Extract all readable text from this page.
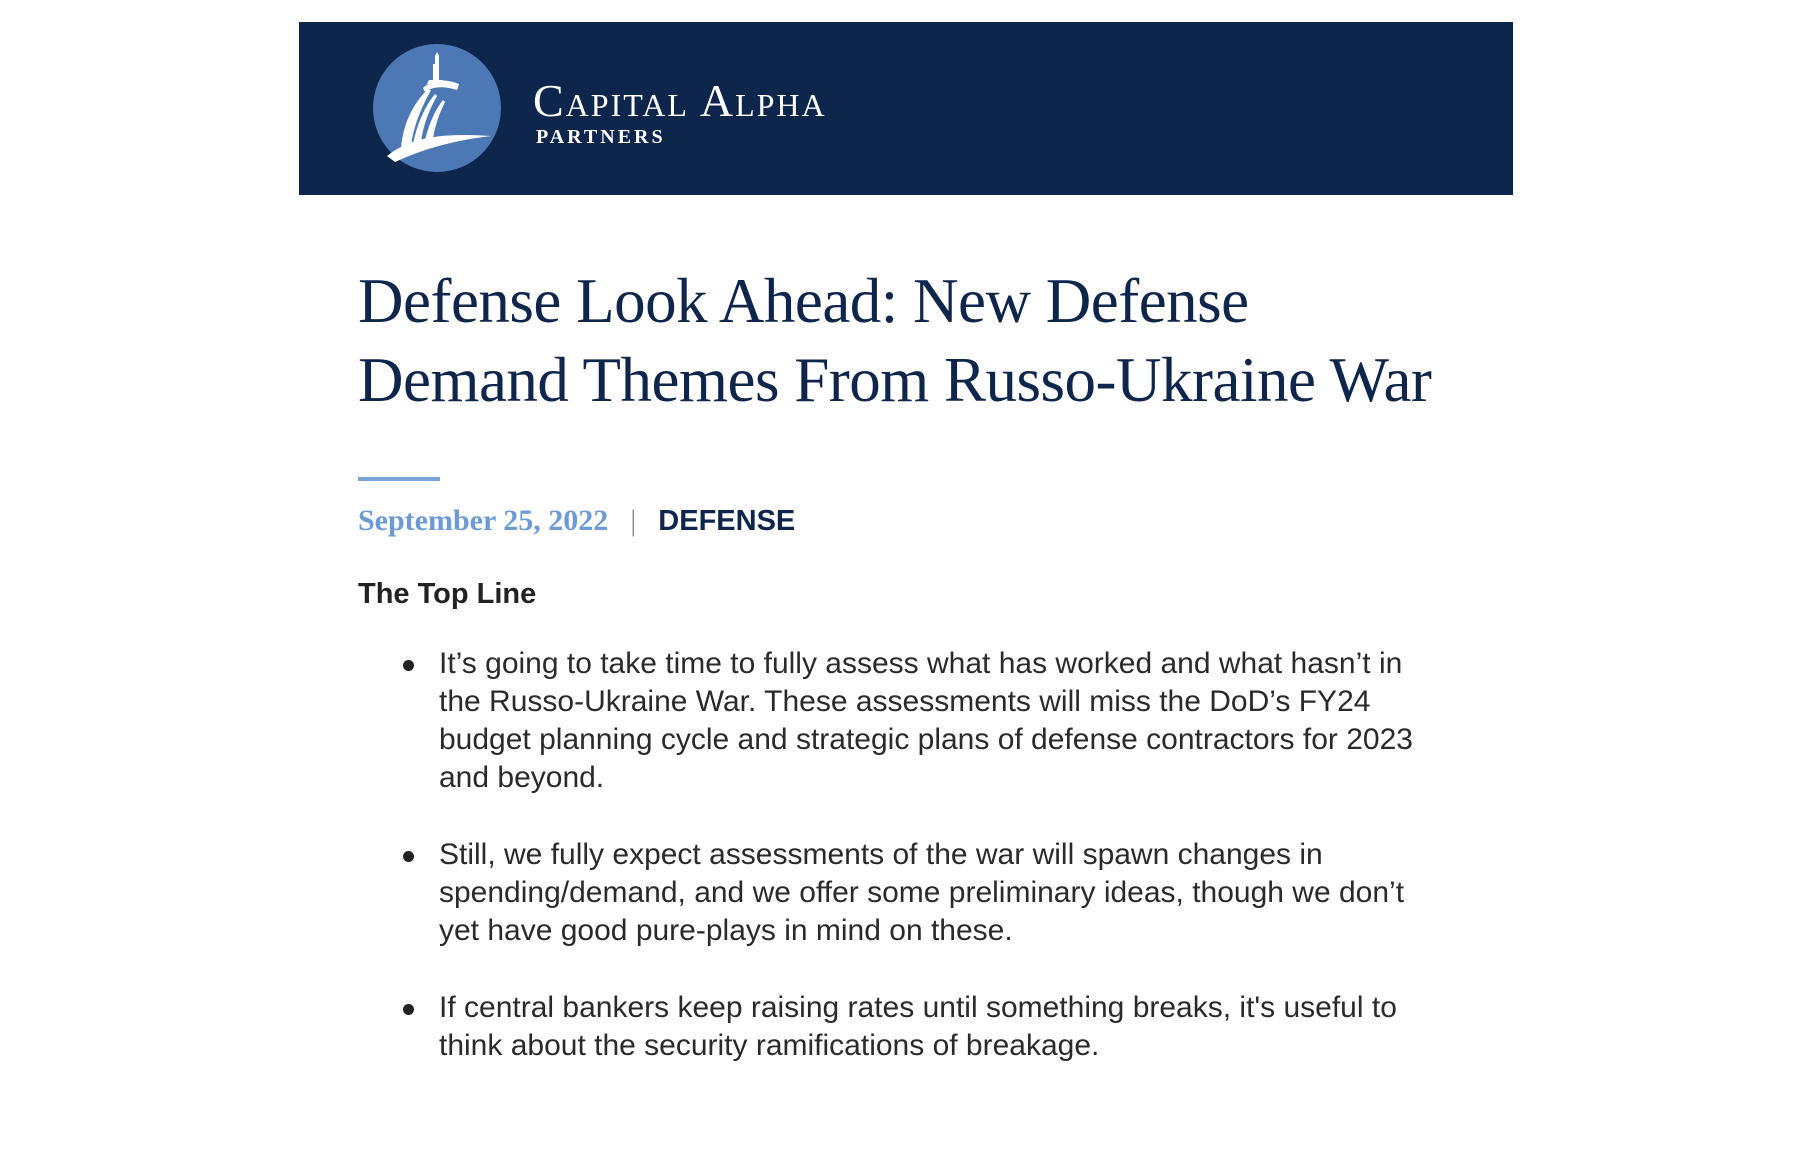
Capital Alpha
PARTNERS
Defense Look Ahead: New Defense Demand Themes From Russo-Ukraine War
September 25, 2022 | DEFENSE
The Top Line
It’s going to take time to fully assess what has worked and what hasn’t in the Russo-Ukraine War. These assessments will miss the DoD’s FY24 budget planning cycle and strategic plans of defense contractors for 2023 and beyond.
Still, we fully expect assessments of the war will spawn changes in spending/demand, and we offer some preliminary ideas, though we don’t yet have good pure-plays in mind on these.
If central bankers keep raising rates until something breaks, it's useful to think about the security ramifications of breakage.
